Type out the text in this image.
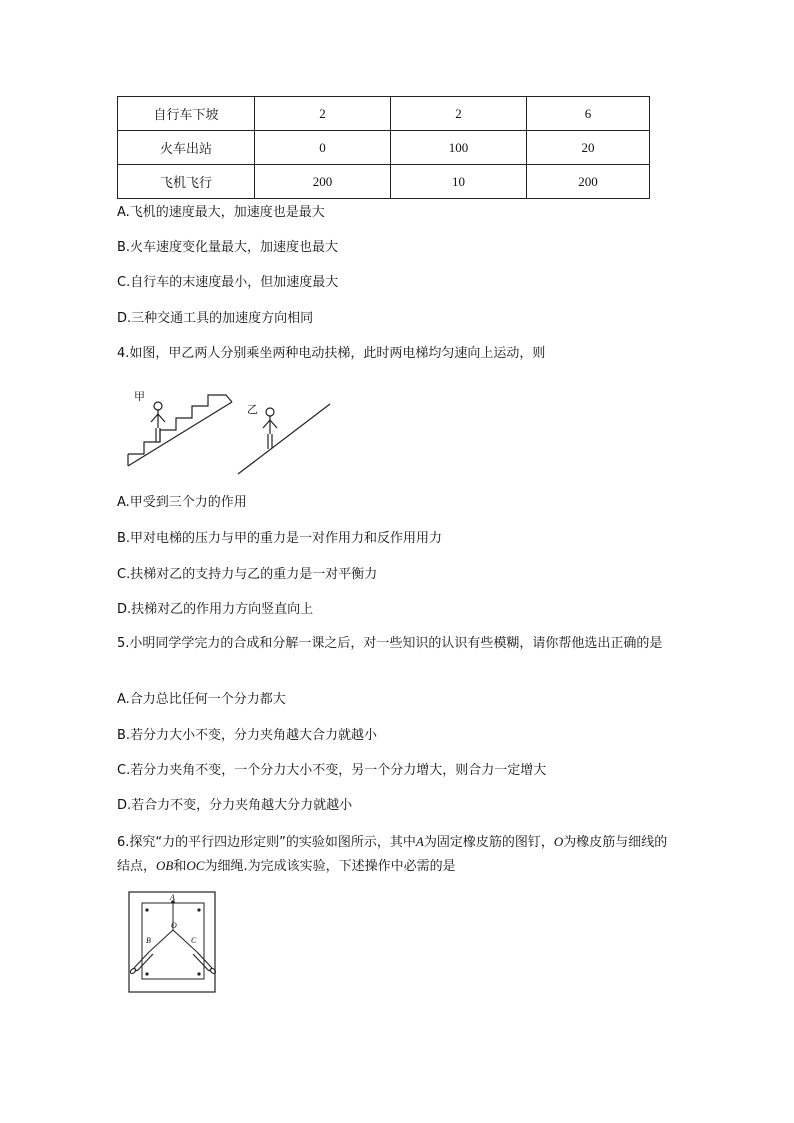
自行车下坡	2	2	6
火车出站	0	100	20
飞机飞行	200	10	200
A.飞机的速度最大，加速度也是最大
B.火车速度变化量最大，加速度也最大
C.自行车的末速度最小，但加速度最大
D.三种交通工具的加速度方向相同
4.如图，甲乙两人分别乘坐两种电动扶梯，此时两电梯均匀速向上运动，则
甲
乙
A.甲受到三个力的作用
B.甲对电梯的压力与甲的重力是一对作用力和反作用用力
C.扶梯对乙的支持力与乙的重力是一对平衡力
D.扶梯对乙的作用力方向竖直向上
5.小明同学学完力的合成和分解一课之后，对一些知识的认识有些模糊，请你帮他选出正确的是
A.合力总比任何一个分力都大
B.若分力大小不变，分力夹角越大合力就越小
C.若分力夹角不变，一个分力大小不变，另一个分力增大，则合力一定增大
D.若合力不变，分力夹角越大分力就越小
6.探究“力的平行四边形定则”的实验如图所示，其中A为固定橡皮筋的图钉，O为橡皮筋与细线的结点，OB和OC为细绳.为完成该实验，下述操作中必需的是
A
O
B	C
